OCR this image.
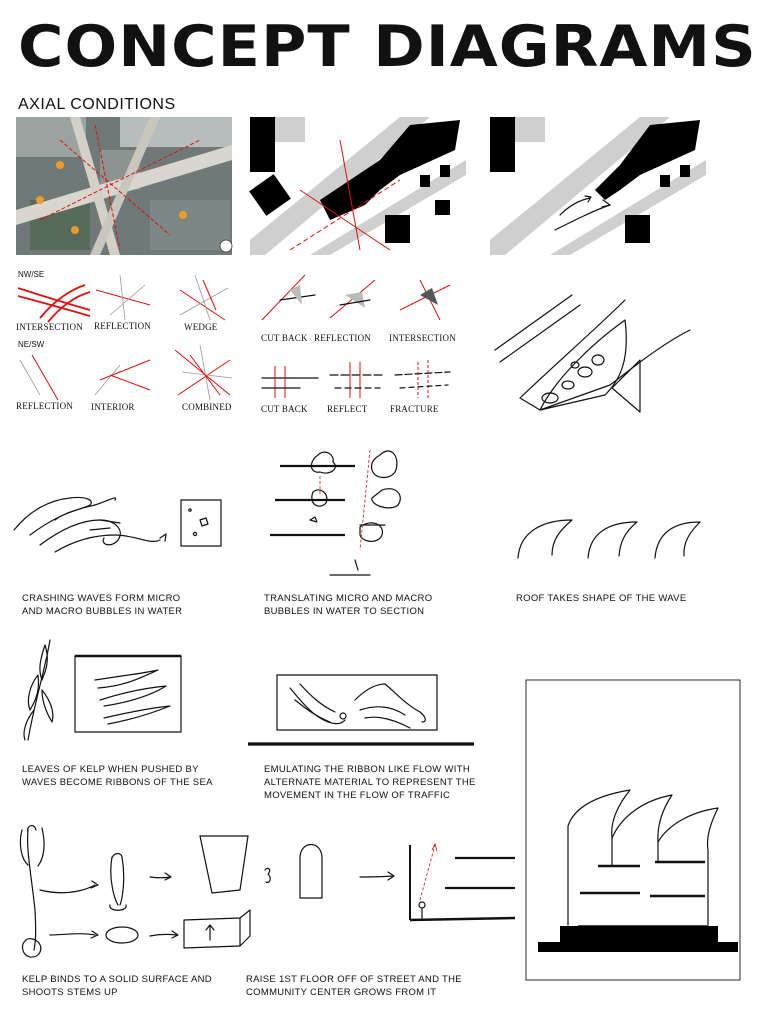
CONCEPT DIAGRAMS
AXIAL CONDITIONS
NW/SE
NE/SW
INTERSECTION REFLECTION	WEDGE
REFLECTION INTERIOR	COMBINED
CUT BACK REFLECTION INTERSECTION
CUT BACK REFLECT	FRACTURE
CRASHING WAVES FORM MICRO
AND MACRO BUBBLES IN WATER
TRANSLATING MICRO AND MACRO
BUBBLES IN WATER TO SECTION
ROOF TAKES SHAPE OF THE WAVE
LEAVES OF KELP WHEN PUSHED BY
WAVES BECOME RIBBONS OF THE SEA
EMULATING THE RIBBON LIKE FLOW WITH
ALTERNATE MATERIAL TO REPRESENT THE
MOVEMENT IN THE FLOW OF TRAFFIC
KELP BINDS TO A SOLID SURFACE AND
SHOOTS STEMS UP
RAISE 1ST FLOOR OFF OF STREET AND THE
COMMUNITY CENTER GROWS FROM IT
